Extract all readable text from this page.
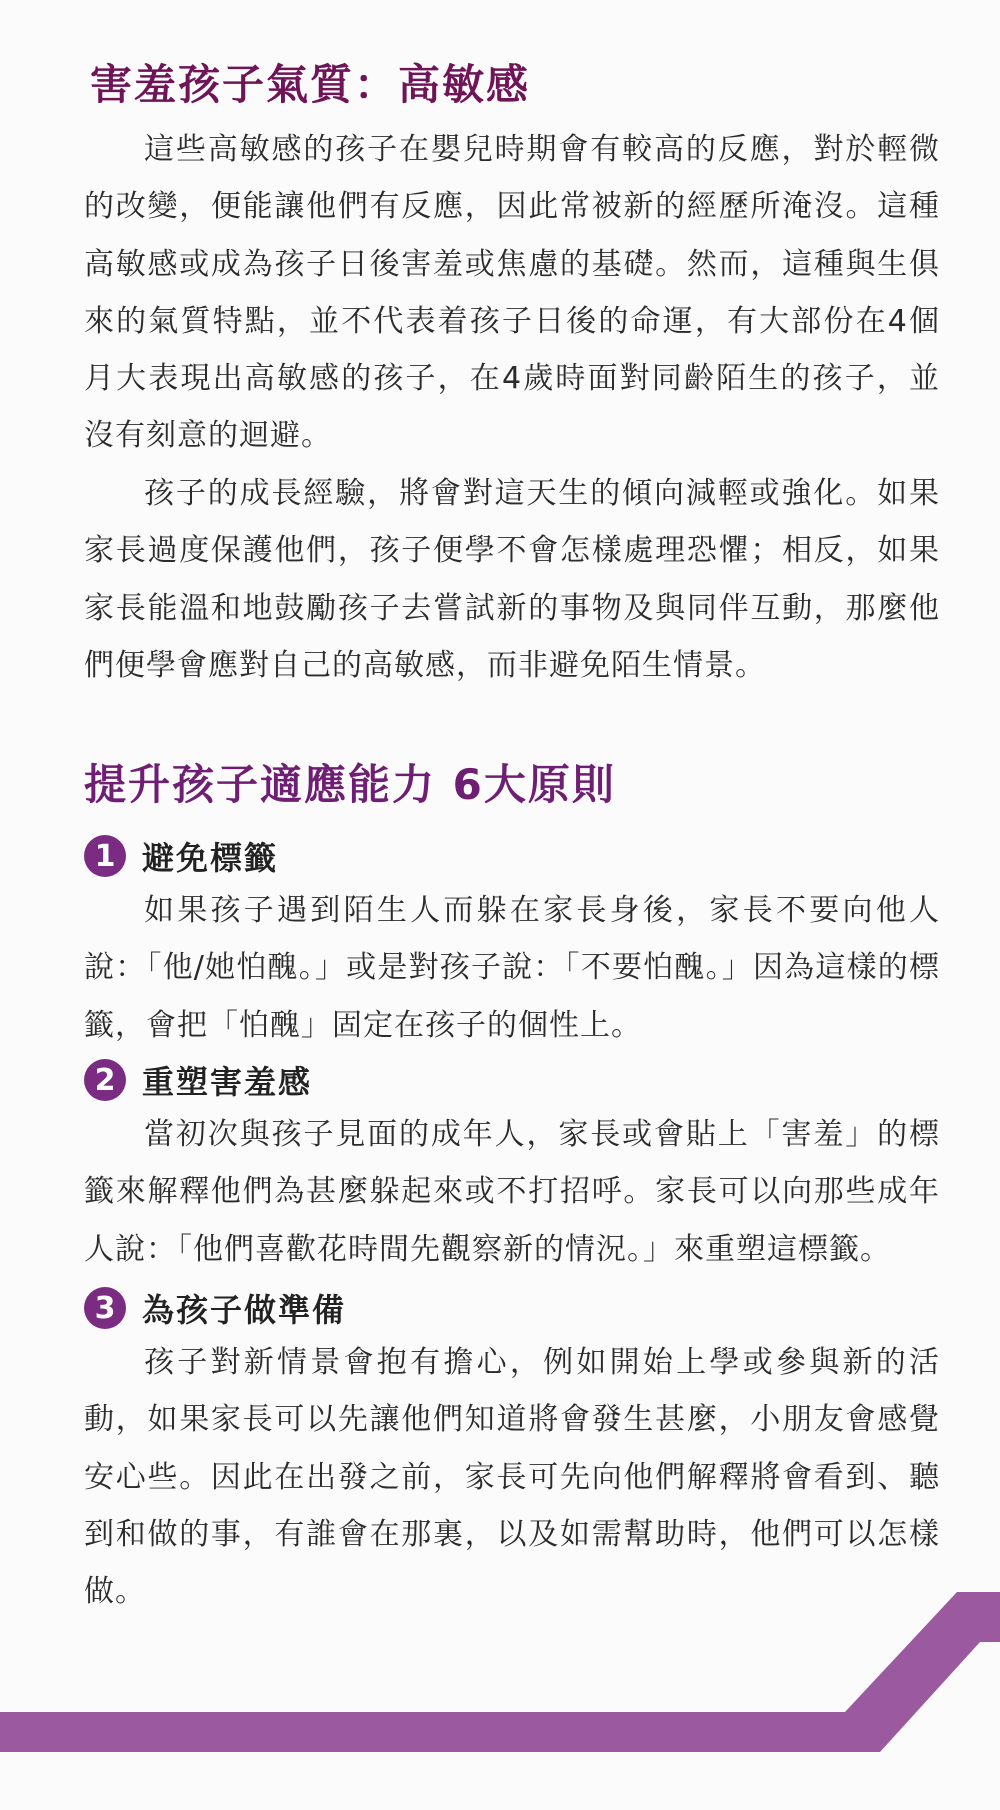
害羞孩子氣質：高敏感

這些高敏感的孩子在嬰兒時期會有較高的反應，對於輕微的改變，便能讓他們有反應，因此常被新的經歷所淹沒。這種高敏感或成為孩子日後害羞或焦慮的基礎。然而，這種與生俱來的氣質特點，並不代表着孩子日後的命運，有大部份在4個月大表現出高敏感的孩子，在4歲時面對同齡陌生的孩子，並沒有刻意的迴避。

孩子的成長經驗，將會對這天生的傾向減輕或強化。如果家長過度保護他們，孩子便學不會怎樣處理恐懼；相反，如果家長能溫和地鼓勵孩子去嘗試新的事物及與同伴互動，那麼他們便學會應對自己的高敏感，而非避免陌生情景。

提升孩子適應能力 6大原則
1 避免標籤

如果孩子遇到陌生人而躲在家長身後，家長不要向他人說：「他/她怕醜。」或是對孩子說：「不要怕醜。」因為這樣的標籤，會把「怕醜」固定在孩子的個性上。

2 重塑害羞感

當初次與孩子見面的成年人，家長或會貼上「害羞」的標籤來解釋他們為甚麼躲起來或不打招呼。家長可以向那些成年人說：「他們喜歡花時間先觀察新的情況。」來重塑這標籤。

3 為孩子做準備

孩子對新情景會抱有擔心，例如開始上學或參與新的活動，如果家長可以先讓他們知道將會發生甚麼，小朋友會感覺安心些。因此在出發之前，家長可先向他們解釋將會看到、聽到和做的事，有誰會在那裏，以及如需幫助時，他們可以怎樣做。
